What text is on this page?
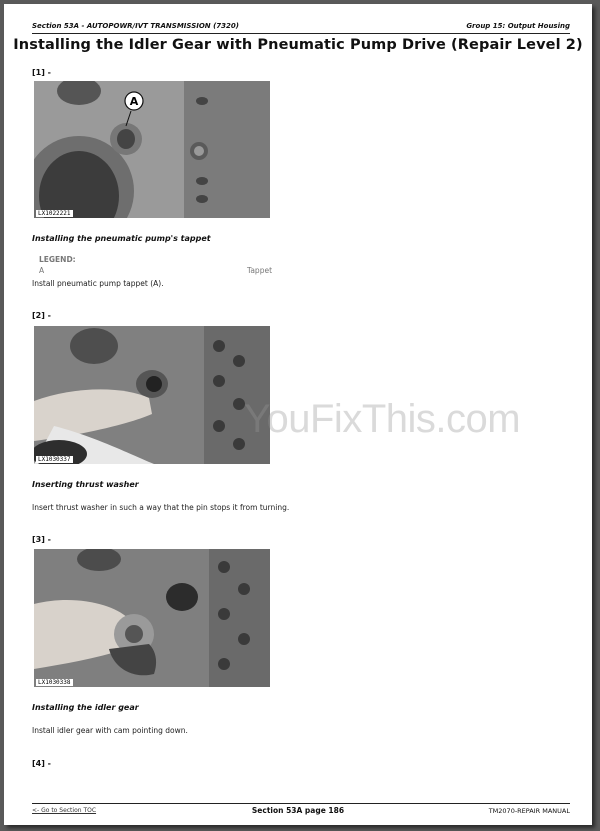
Section 53A - AUTOPOWR/IVT TRANSMISSION (7320)	Group 15: Output Housing
Installing the Idler Gear with Pneumatic Pump Drive (Repair Level 2)
[1] -
A
LX1022221
Installing the pneumatic pump's tappet
LEGEND:
A	Tappet
Install pneumatic pump tappet (A).
[2] -
LX1030337
Inserting thrust washer
Insert thrust washer in such a way that the pin stops it from turning.
[3] -
LX1030338
Installing the idler gear
Install idler gear with cam pointing down.
[4] -
YouFixThis.com
<- Go to Section TOC	Section 53A page 186	TM2070-REPAIR MANUAL
